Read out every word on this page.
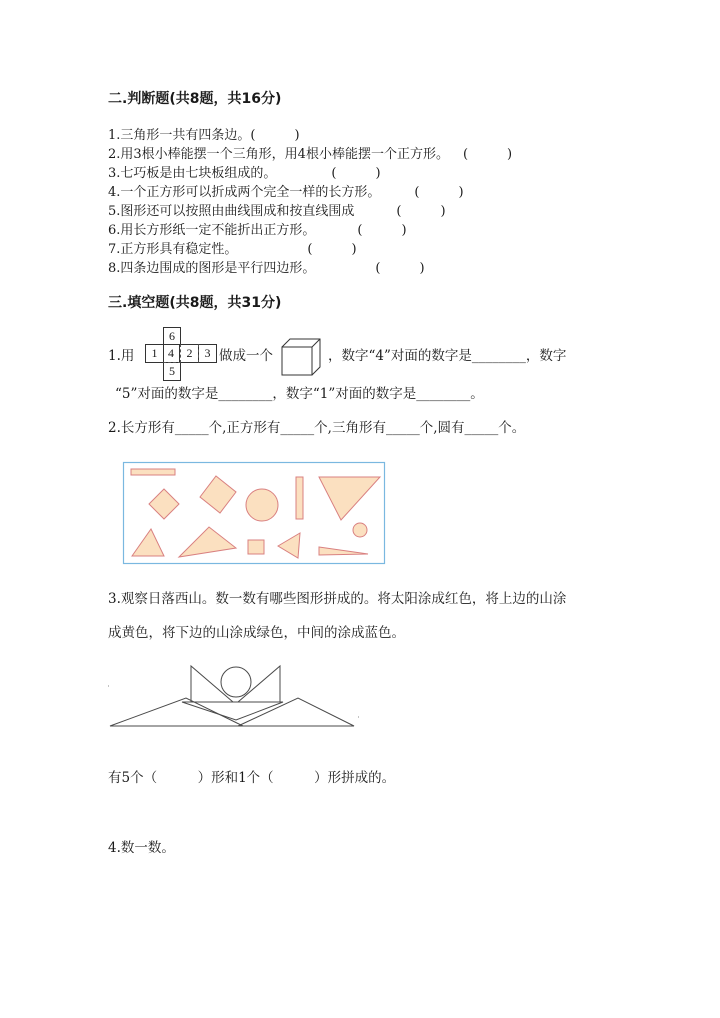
二.判断题(共8题，共16分)
1.三角形一共有四条边。(　　　)
2.用3根小棒能摆一个三角形，用4根小棒能摆一个正方形。 (　　　)
3.七巧板是由七块板组成的。	(　　　)
4.一个正方形可以折成两个完全一样的长方形。	(　　　)
5.图形还可以按照由曲线围成和按直线围成	(　　　)
6.用长方形纸一定不能折出正方形。	(　　　)
7.正方形具有稳定性。	(　　　)
8.四条边围成的图形是平行四边形。	(　　　)
三.填空题(共8题，共31分)
1.用
6
1 4	2	3
5
做成一个	，数字“4”对面的数字是________，数字
“5”对面的数字是________，数字“1”对面的数字是________。
2.长方形有_____个,正方形有_____个,三角形有_____个,圆有_____个。
3.观察日落西山。数一数有哪些图形拼成的。将太阳涂成红色，将上边的山涂
成黄色，将下边的山涂成绿色，中间的涂成蓝色。
有5个（　　　）形和1个（　　　）形拼成的。
4.数一数。
